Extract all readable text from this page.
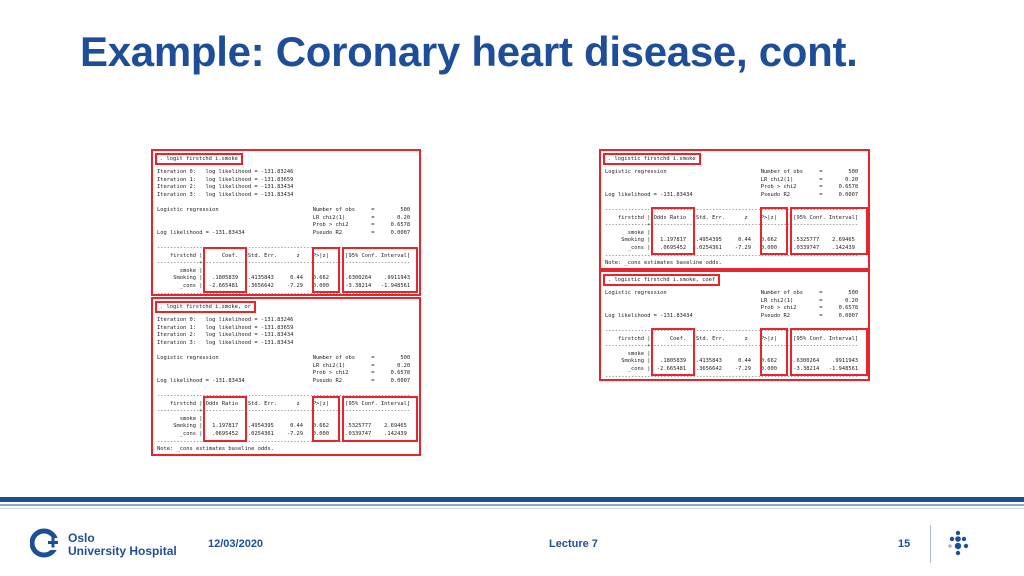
Example: Coronary heart disease, cont.
. logit firstchd i.smoke
Iteration 0:   log likelihood = -131.83246
Iteration 1:   log likelihood = -131.83659
Iteration 2:   log likelihood = -131.83434
Iteration 3:   log likelihood = -131.83434

Logistic regression                             Number of obs     =        500
LR chi2(1)        =       0.20
Prob > chi2       =     0.6578
Log likelihood = -131.83434                     Pseudo R2         =     0.0007

------------------------------------------------------------------------------
firstchd |      Coef.   Std. Err.      z    P>|z|     [95% Conf. Interval]
-------------+----------------------------------------------------------------
smoke |
Smoking |   .1805839   .4135843     0.44   0.662    -.6300264    .9911943
_cons |  -2.665481   .3656642    -7.29   0.000     -3.38214   -1.948561
------------------------------------------------------------------------------
. logit firstchd i.smoke, or
Iteration 0:   log likelihood = -131.83246
Iteration 1:   log likelihood = -131.83659
Iteration 2:   log likelihood = -131.83434
Iteration 3:   log likelihood = -131.83434

Logistic regression                             Number of obs     =        500
LR chi2(1)        =       0.20
Prob > chi2       =     0.6578
Log likelihood = -131.83434                     Pseudo R2         =     0.0007

------------------------------------------------------------------------------
firstchd | Odds Ratio   Std. Err.      z    P>|z|     [95% Conf. Interval]
-------------+----------------------------------------------------------------
smoke |
Smoking |   1.197817   .4954395     0.44   0.662     .5325777    2.69465
_cons |   .0695452   .0254361    -7.29   0.000     .0339747    .142439
------------------------------------------------------------------------------
Note: _cons estimates baseline odds.
. logistic firstchd i.smoke
Logistic regression                             Number of obs     =        500
LR chi2(1)        =       0.20
Prob > chi2       =     0.6578
Log likelihood = -131.83434                     Pseudo R2         =     0.0007

------------------------------------------------------------------------------
firstchd | Odds Ratio   Std. Err.      z    P>|z|     [95% Conf. Interval]
-------------+----------------------------------------------------------------
smoke |
Smoking |   1.197817   .4954395     0.44   0.662     .5325777    2.69465
_cons |   .0695452   .0254361    -7.29   0.000     .0339747    .142439
------------------------------------------------------------------------------
Note: _cons estimates baseline odds.
. logistic firstchd i.smoke, coef
Logistic regression                             Number of obs     =        500
LR chi2(1)        =       0.20
Prob > chi2       =     0.6578
Log likelihood = -131.83434                     Pseudo R2         =     0.0007

------------------------------------------------------------------------------
firstchd |      Coef.   Std. Err.      z    P>|z|     [95% Conf. Interval]
-------------+----------------------------------------------------------------
smoke |
Smoking |   .1805839   .4135843     0.44   0.662    -.6300264    .9911943
_cons |  -2.665481   .3656642    -7.29   0.000     -3.38214   -1.948561
------------------------------------------------------------------------------
Oslo
University Hospital	12/03/2020	Lecture 7	15
